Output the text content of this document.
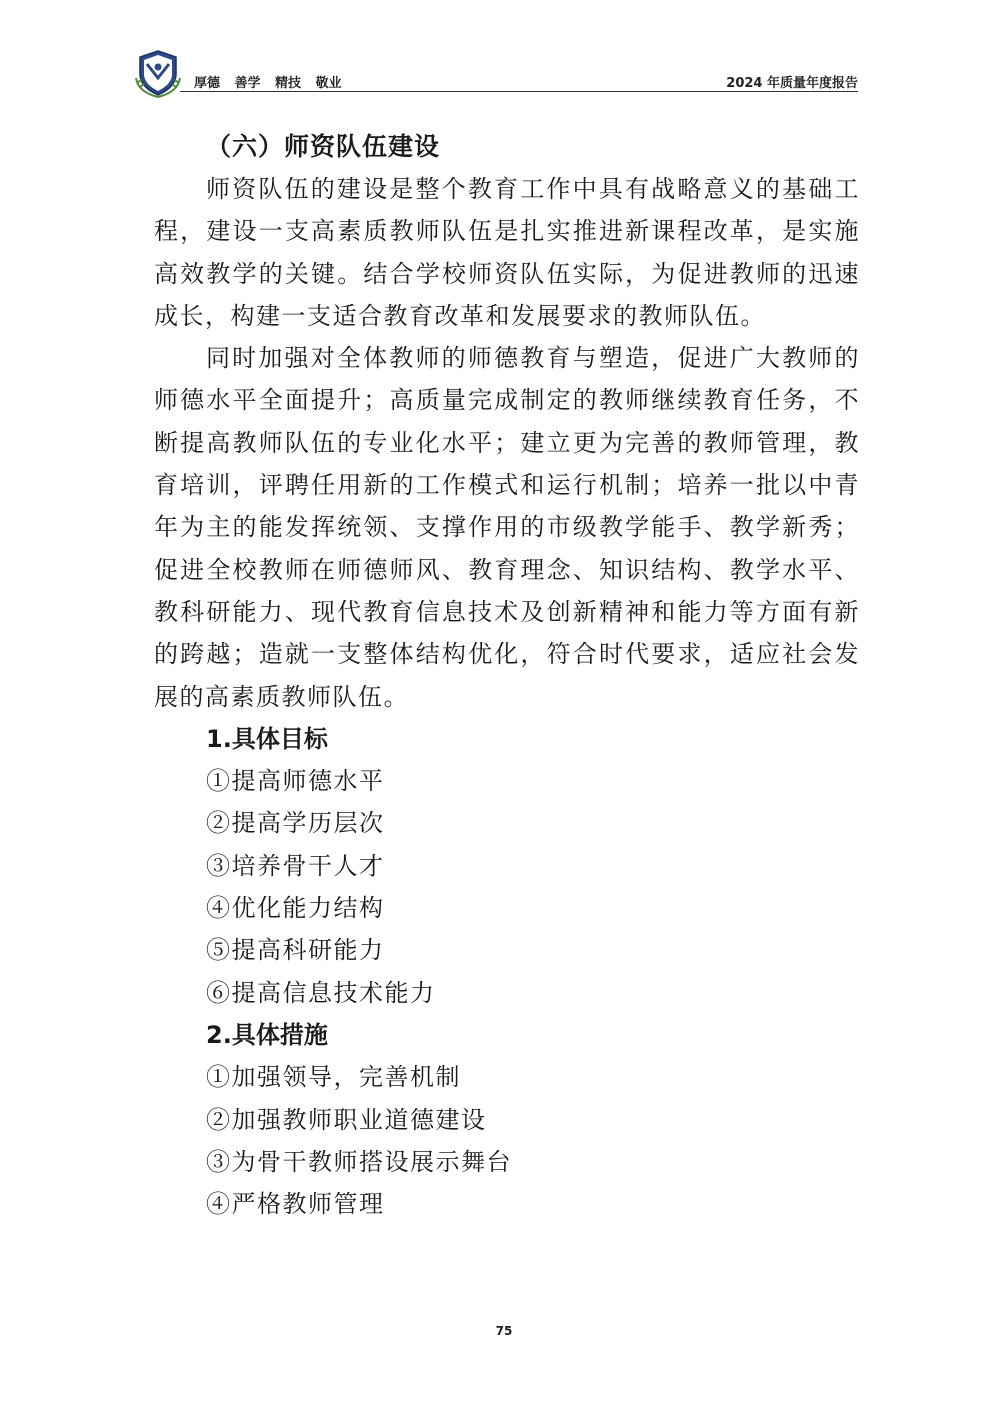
厚德 善学 精技 敬业	2024 年质量年度报告
（六）师资队伍建设

师资队伍的建设是整个教育工作中具有战略意义的基础工程，建设一支高素质教师队伍是扎实推进新课程改革，是实施高效教学的关键。结合学校师资队伍实际，为促进教师的迅速成长，构建一支适合教育改革和发展要求的教师队伍。

同时加强对全体教师的师德教育与塑造，促进广大教师的师德水平全面提升；高质量完成制定的教师继续教育任务，不断提高教师队伍的专业化水平；建立更为完善的教师管理，教育培训，评聘任用新的工作模式和运行机制；培养一批以中青年为主的能发挥统领、支撑作用的市级教学能手、教学新秀；促进全校教师在师德师风、教育理念、知识结构、教学水平、教科研能力、现代教育信息技术及创新精神和能力等方面有新的跨越；造就一支整体结构优化，符合时代要求，适应社会发展的高素质教师队伍。

1.具体目标
①提高师德水平
②提高学历层次
③培养骨干人才
④优化能力结构
⑤提高科研能力
⑥提高信息技术能力
2.具体措施
①加强领导，完善机制
②加强教师职业道德建设
③为骨干教师搭设展示舞台
④严格教师管理
75
